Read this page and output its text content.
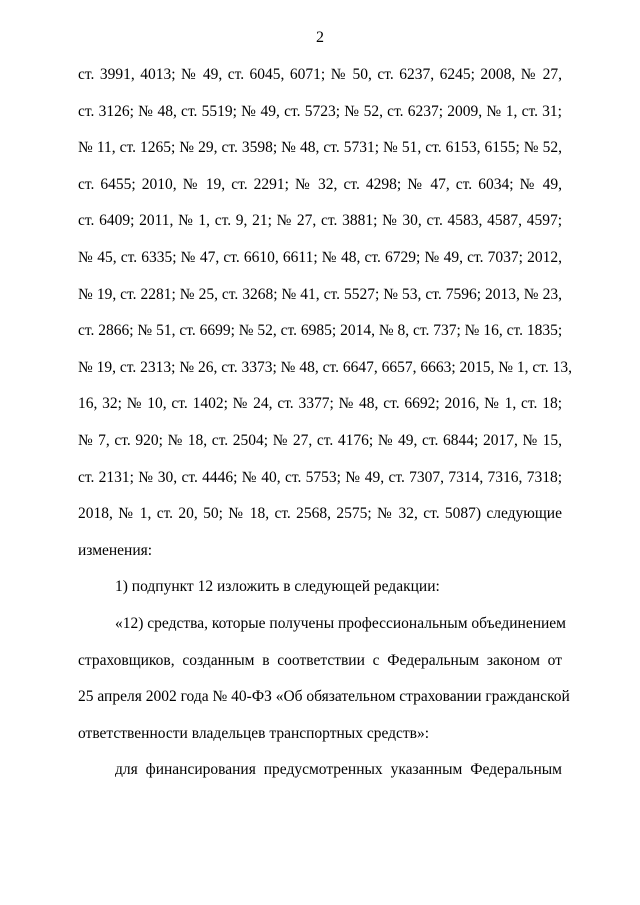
2
ст. 3991, 4013; № 49, ст. 6045, 6071; № 50, ст. 6237, 6245; 2008, № 27,
ст. 3126; № 48, ст. 5519; № 49, ст. 5723; № 52, ст. 6237; 2009, № 1, ст. 31;
№ 11, ст. 1265; № 29, ст. 3598; № 48, ст. 5731; № 51, ст. 6153, 6155; № 52,
ст. 6455; 2010, № 19, ст. 2291; № 32, ст. 4298; № 47, ст. 6034; № 49,
ст. 6409; 2011, № 1, ст. 9, 21; № 27, ст. 3881; № 30, ст. 4583, 4587, 4597;
№ 45, ст. 6335; № 47, ст. 6610, 6611; № 48, ст. 6729; № 49, ст. 7037; 2012,
№ 19, ст. 2281; № 25, ст. 3268; № 41, ст. 5527; № 53, ст. 7596; 2013, № 23,
ст. 2866; № 51, ст. 6699; № 52, ст. 6985; 2014, № 8, ст. 737; № 16, ст. 1835;
№ 19, ст. 2313; № 26, ст. 3373; № 48, ст. 6647, 6657, 6663; 2015, № 1, ст. 13,
16, 32; № 10, ст. 1402; № 24, ст. 3377; № 48, ст. 6692; 2016, № 1, ст. 18;
№ 7, ст. 920; № 18, ст. 2504; № 27, ст. 4176; № 49, ст. 6844; 2017, № 15,
ст. 2131; № 30, ст. 4446; № 40, ст. 5753; № 49, ст. 7307, 7314, 7316, 7318;
2018, № 1, ст. 20, 50; № 18, ст. 2568, 2575; № 32, ст. 5087) следующие
изменения:
1) подпункт 12 изложить в следующей редакции:
«12) средства, которые получены профессиональным объединением
страховщиков, созданным в соответствии с Федеральным законом от
25 апреля 2002 года № 40-ФЗ «Об обязательном страховании гражданской
ответственности владельцев транспортных средств»:
для финансирования предусмотренных указанным Федеральным
